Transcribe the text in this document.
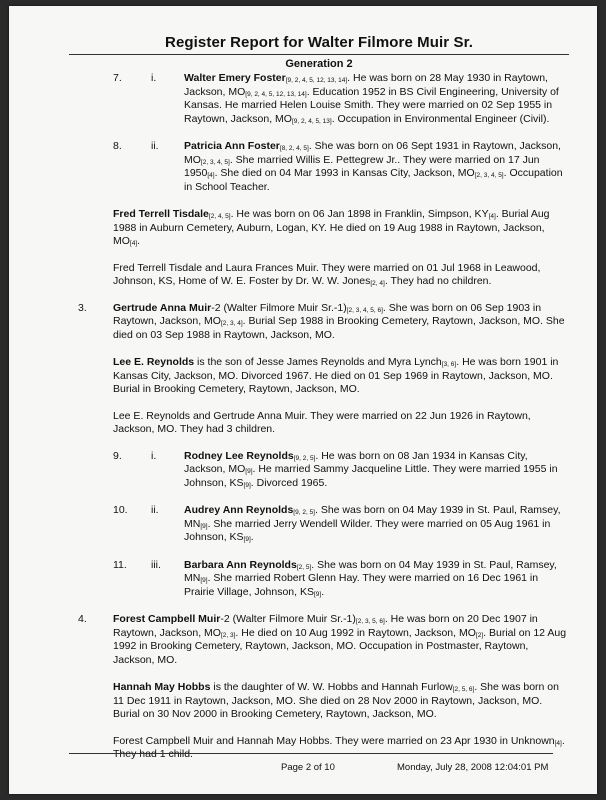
Register Report for Walter Filmore Muir Sr.
Generation 2
7.	i.	Walter Emery Foster$_{[9, 2, 4, 5, 12, 13, 14]}$. He was born on 28 May 1930 in Raytown, Jackson, $MO_{[9, 2, 4, 5, 12, 13, 14]}$. Education 1952 in BS Civil Engineering, University of Kansas. He married Helen Louise Smith. They were married on 02 Sep 1955 in Raytown, Jackson, $MO_{[9, 2, 4, 5, 13]}$. Occupation in Environmental Engineer (Civil).
8.	ii. Patricia Ann Foster$_{[8, 2, 4, 5]}$. She was born on 06 Sept 1931 in Raytown, Jackson, $MO_{[2, 3, 4, 5]}$. She married Willis E. Pettegrew Jr.. They were married on 17 Jun $1950_{[4]}$. She died on 04 Mar 1993 in Kansas City, Jackson, $MO_{[2, 3, 4, 5]}$. Occupation in School Teacher.
Fred Terrell Tisdale$_{[2, 4, 5]}$. He was born on 06 Jan 1898 in Franklin, Simpson, $KY_{[4]}$. Burial Aug 1988 in Auburn Cemetery, Auburn, Logan, KY. He died on 19 Aug 1988 in Raytown, Jackson, $MO_{[4]}$.
Fred Terrell Tisdale and Laura Frances Muir. They were married on 01 Jul 1968 in Leawood, Johnson, KS, Home of W. E. Foster by Dr. W. W. Jones$_{[2, 4]}$. They had no children.
3. Gertrude Anna Muir-2 (Walter Filmore Muir $Sr.-1)_{[2, 3, 4, 5, 6]}$. She was born on 06 Sep 1903 in Raytown, Jackson, $MO_{[2, 3, 4]}$. Burial Sep 1988 in Brooking Cemetery, Raytown, Jackson, MO. She died on 03 Sep 1988 in Raytown, Jackson, MO.
Lee E. Reynolds is the son of Jesse James Reynolds and Myra Lynch$_{[3, 6]}$. He was born 1901 in Kansas City, Jackson, MO. Divorced 1967. He died on 01 Sep 1969 in Raytown, Jackson, MO. Burial in Brooking Cemetery, Raytown, Jackson, MO.
Lee E. Reynolds and Gertrude Anna Muir. They were married on 22 Jun 1926 in Raytown, Jackson, MO. They had 3 children.
9.	i.	Rodney Lee Reynolds$_{[9, 2, 5]}$. He was born on 08 Jan 1934 in Kansas City, Jackson, $MO_{[9]}$. He married Sammy Jacqueline Little. They were married 1955 in Johnson, $KS_{[9]}$. Divorced 1965.
10. ii. Audrey Ann Reynolds$_{[9, 2, 5]}$. She was born on 04 May 1939 in St. Paul, Ramsey, $MN_{[9]}$. She married Jerry Wendell Wilder. They were married on 05 Aug 1961 in Johnson, $KS_{[9]}$.
11. iii. Barbara Ann Reynolds$_{[2, 5]}$. She was born on 04 May 1939 in St. Paul, Ramsey, $MN_{[9]}$. She married Robert Glenn Hay. They were married on 16 Dec 1961 in Prairie Village, Johnson, $KS_{[9]}$.
4. Forest Campbell Muir-2 (Walter Filmore Muir $Sr.-1)_{[2, 3, 5, 6]}$. He was born on 20 Dec 1907 in Raytown, Jackson, $MO_{[2, 3]}$. He died on 10 Aug 1992 in Raytown, Jackson, $MO_{[2]}$. Burial on 12 Aug 1992 in Brooking Cemetery, Raytown, Jackson, MO. Occupation in Postmaster, Raytown, Jackson, MO.
Hannah May Hobbs is the daughter of W. W. Hobbs and Hannah Furlow$_{[2, 5, 6]}$. She was born on 11 Dec 1911 in Raytown, Jackson, MO. She died on 28 Nov 2000 in Raytown, Jackson, MO. Burial on 30 Nov 2000 in Brooking Cemetery, Raytown, Jackson, MO.
Forest Campbell Muir and Hannah May Hobbs. They were married on 23 Apr 1930 in Unknown$_{[4]}$. They had 1 child.
Page 2 of 10	Monday, July 28, 2008 12:04:01 PM
